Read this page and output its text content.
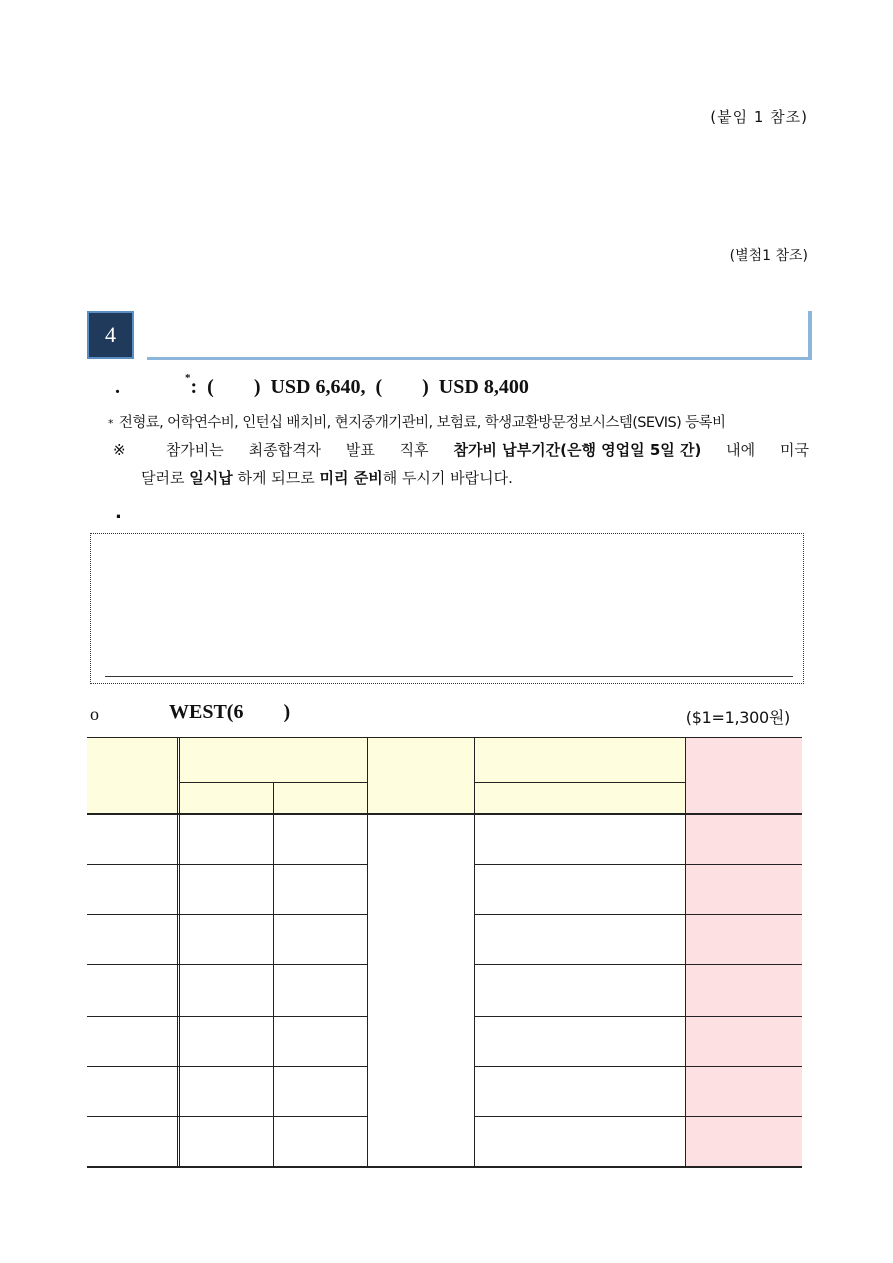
(붙임 1 참조)
(별첨1 참조)
4
.	*:  (        )  USD 6,640,  (        )  USD 8,400
* 전형료, 어학연수비, 인턴십 배치비, 현지중개기관비, 보험료, 학생교환방문정보시스템(SEVIS) 등록비
※	참가비는 최종합격자 발표 직후 참가비 납부기간(은행 영업일 5일 간) 내에 미국
달러로 일시납 하게 되므로 미리 준비해 두시기 바랍니다.
.
o	WEST(6        )	($1=1,300원)
